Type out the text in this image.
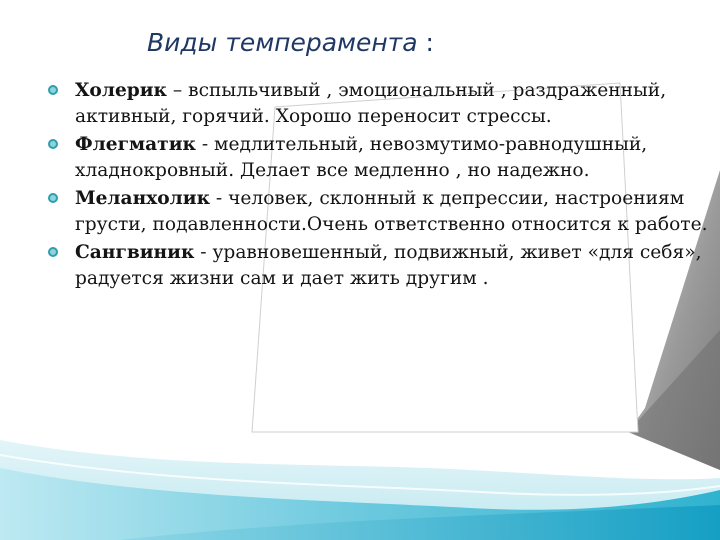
Виды темперамента :
Холерик – вспыльчивый , эмоциональный , раздраженный, активный, горячий. Хорошо переносит стрессы.
Флегматик - медлительный, невозмутимо-равнодушный, хладнокровный. Делает все медленно , но надежно.
Меланхолик - человек, склонный к депрессии, настроениям грусти, подавленности.Очень ответственно относится к работе.
Сангвиник - уравновешенный, подвижный, живет «для себя», радуется жизни сам и дает жить другим .
